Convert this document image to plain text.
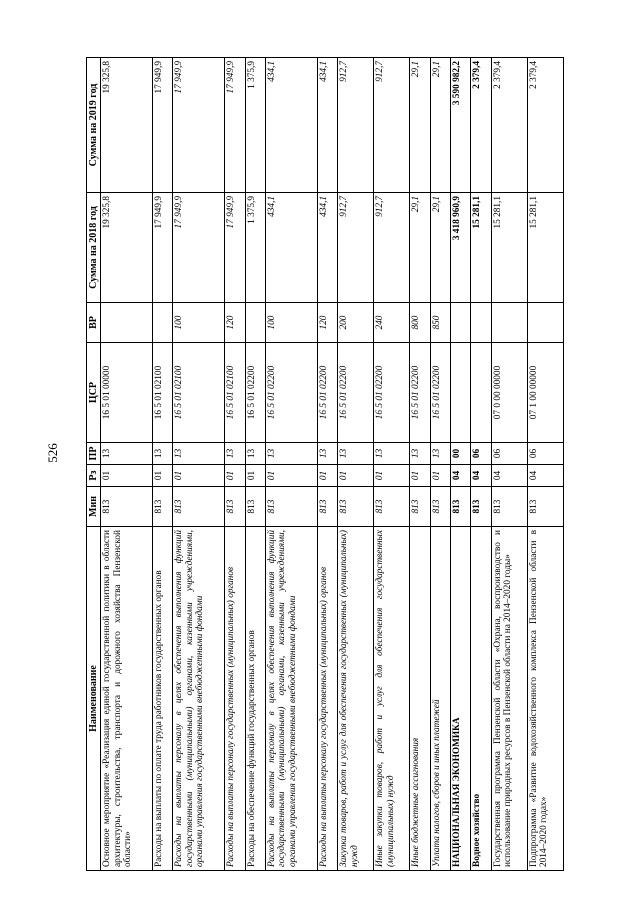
526
Наименование	Мин	Рз	ПР	ЦСР	ВР	Сумма на 2018 год	Сумма на 2019 год
Основное мероприятие «Реализация единой государственной политики в области архитектуры, строительства, транспорта и дорожного хозяйства Пензенской области»	813	01	13	16 5 01 00000		19 325,8	19 325,8
Расходы на выплаты по оплате труда работников государственных органов	813	01	13	16 5 01 02100		17 949,9	17 949,9
Расходы на выплаты персоналу в целях обеспечения выполнения функций государственными (муниципальными) органами, казенными учреждениями, органами управления государственными внебюджетными фондами	813	01	13	16 5 01 02100	100	17 949,9	17 949,9
Расходы на выплаты персоналу государственных (муниципальных) органов	813	01	13	16 5 01 02100	120	17 949,9	17 949,9
Расходы на обеспечение функций государственных органов	813	01	13	16 5 01 02200		1 375,9	1 375,9
Расходы на выплаты персоналу в целях обеспечения выполнения функций государственными (муниципальными) органами, казенными учреждениями, органами управления государственными внебюджетными фондами	813	01	13	16 5 01 02200	100	434,1	434,1
Расходы на выплаты персоналу государственных (муниципальных) органов	813	01	13	16 5 01 02200	120	434,1	434,1
Закупка товаров, работ и услуг для обеспечения государственных (муниципальных) нужд	813	01	13	16 5 01 02200	200	912,7	912,7
Иные закупки товаров, работ и услуг для обеспечения государственных (муниципальных) нужд	813	01	13	16 5 01 02200	240	912,7	912,7
Иные бюджетные ассигнования	813	01	13	16 5 01 02200	800	29,1	29,1
Уплата налогов, сборов и иных платежей	813	01	13	16 5 01 02200	850	29,1	29,1
НАЦИОНАЛЬНАЯ ЭКОНОМИКА	813	04	00			3 418 960,9	3 590 982,2
Водное хозяйство	813	04	06			15 281,1	2 379,4
Государственная программа Пензенской области «Охрана, воспроизводство и использование природных ресурсов в Пензенской области на 2014–2020 годы»	813	04	06	07 0 00 00000		15 281,1	2 379,4
Подпрограмма «Развитие водохозяйственного комплекса Пензенской области в 2014–2020 годах»	813	04	06	07 1 00 00000		15 281,1	2 379,4
